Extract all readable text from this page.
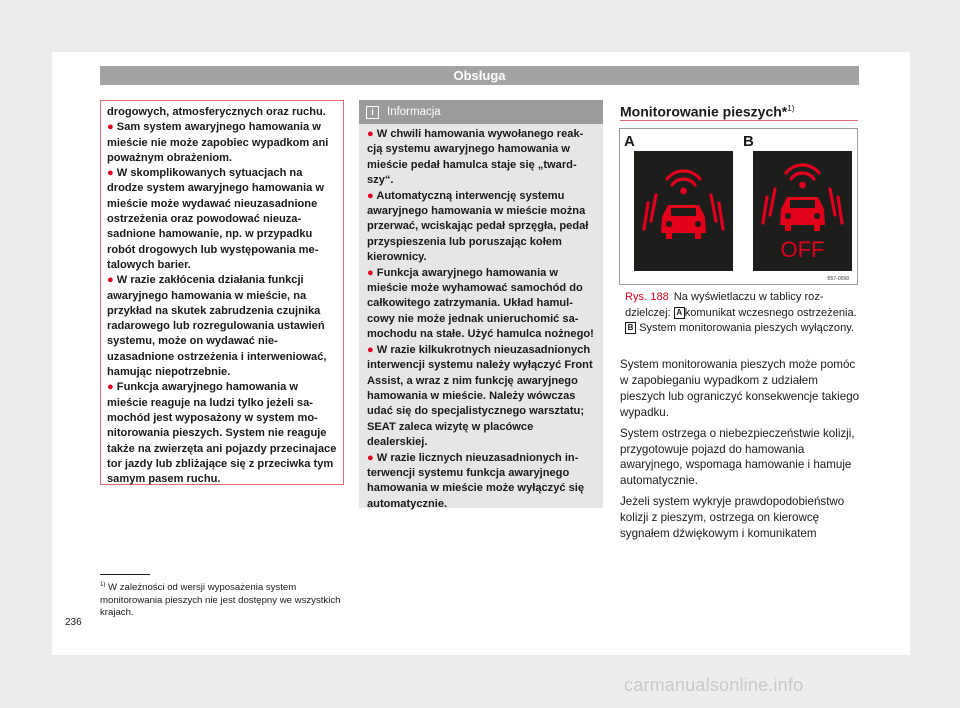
Obsługa

drogowych, atmosferycznych oraz ruchu.

● Sam system awaryjnego hamowania w mieście nie może zapobiec wypadkom ani poważnym obrażeniom.

● W skomplikowanych sytuacjach na drodze system awaryjnego hamowania w mieście może wydawać nieuzasadnione ostrzeżenia oraz powodować nieuzasadnione hamowanie, np. w przypadku robót drogowych lub występowania metalowych barier.

● W razie zakłócenia działania funkcji awaryjnego hamowania w mieście, na przykład na skutek zabrudzenia czujnika radarowego lub rozregulowania ustawień systemu, może on wydawać nieuzasadnione ostrzeżenia i interweniować, hamując niepotrzebnie.

● Funkcja awaryjnego hamowania w mieście reaguje na ludzi tylko jeżeli samochód jest wyposażony w system monitorowania pieszych. System nie reaguje także na zwierzęta ani pojazdy przecinajace tor jazdy lub zbliżające się z przeciwka tym samym pasem ruchu.

i	Informacja

● W chwili hamowania wywołanego reakcją systemu awaryjnego hamowania w mieście pedał hamulca staje się „twardszy“.

● Automatyczną interwencję systemu awaryjnego hamowania w mieście można przerwać, wciskając pedał sprzęgła, pedał przyspieszenia lub poruszając kołem kierownicy.

● Funkcja awaryjnego hamowania w mieście może wyhamować samochód do całkowitego zatrzymania. Układ hamulcowy nie może jednak unieruchomić samochodu na stałe. Użyć hamulca nożnego!

● W razie kilkukrotnych nieuzasadnionych interwencji systemu należy wyłączyć Front Assist, a wraz z nim funkcję awaryjnego hamowania w mieście. Należy wówczas udać się do specjalistycznego warsztatu; SEAT zaleca wizytę w placówce dealerskiej.

● W razie licznych nieuzasadnionych interwencji systemu funkcja awaryjnego hamowania w mieście może wyłączyć się automatycznie.

Monitorowanie pieszych*$^{1)}$
A	B
OFF
B57-0098
Rys. 188 Na wyświetlaczu w tablicy rozdzielczej: A komunikat wczesnego ostrzeżenia. B System monitorowania pieszych wyłączony.

System monitorowania pieszych może pomóc w zapobieganiu wypadkom z udziałem pieszych lub ograniczyć konsekwencje takiego wypadku.

System ostrzega o niebezpieczeństwie kolizji, przygotowuje pojazd do hamowania awaryjnego, wspomaga hamowanie i hamuje automatycznie.

Jeżeli system wykryje prawdopodobieństwo kolizji z pieszym, ostrzega on kierowcę sygnałem dźwiękowym i komunikatem

$^{1)}$ W zależności od wersji wyposażenia system monitorowania pieszych nie jest dostępny we wszystkich krajach.
236
carmanualsonline.info
